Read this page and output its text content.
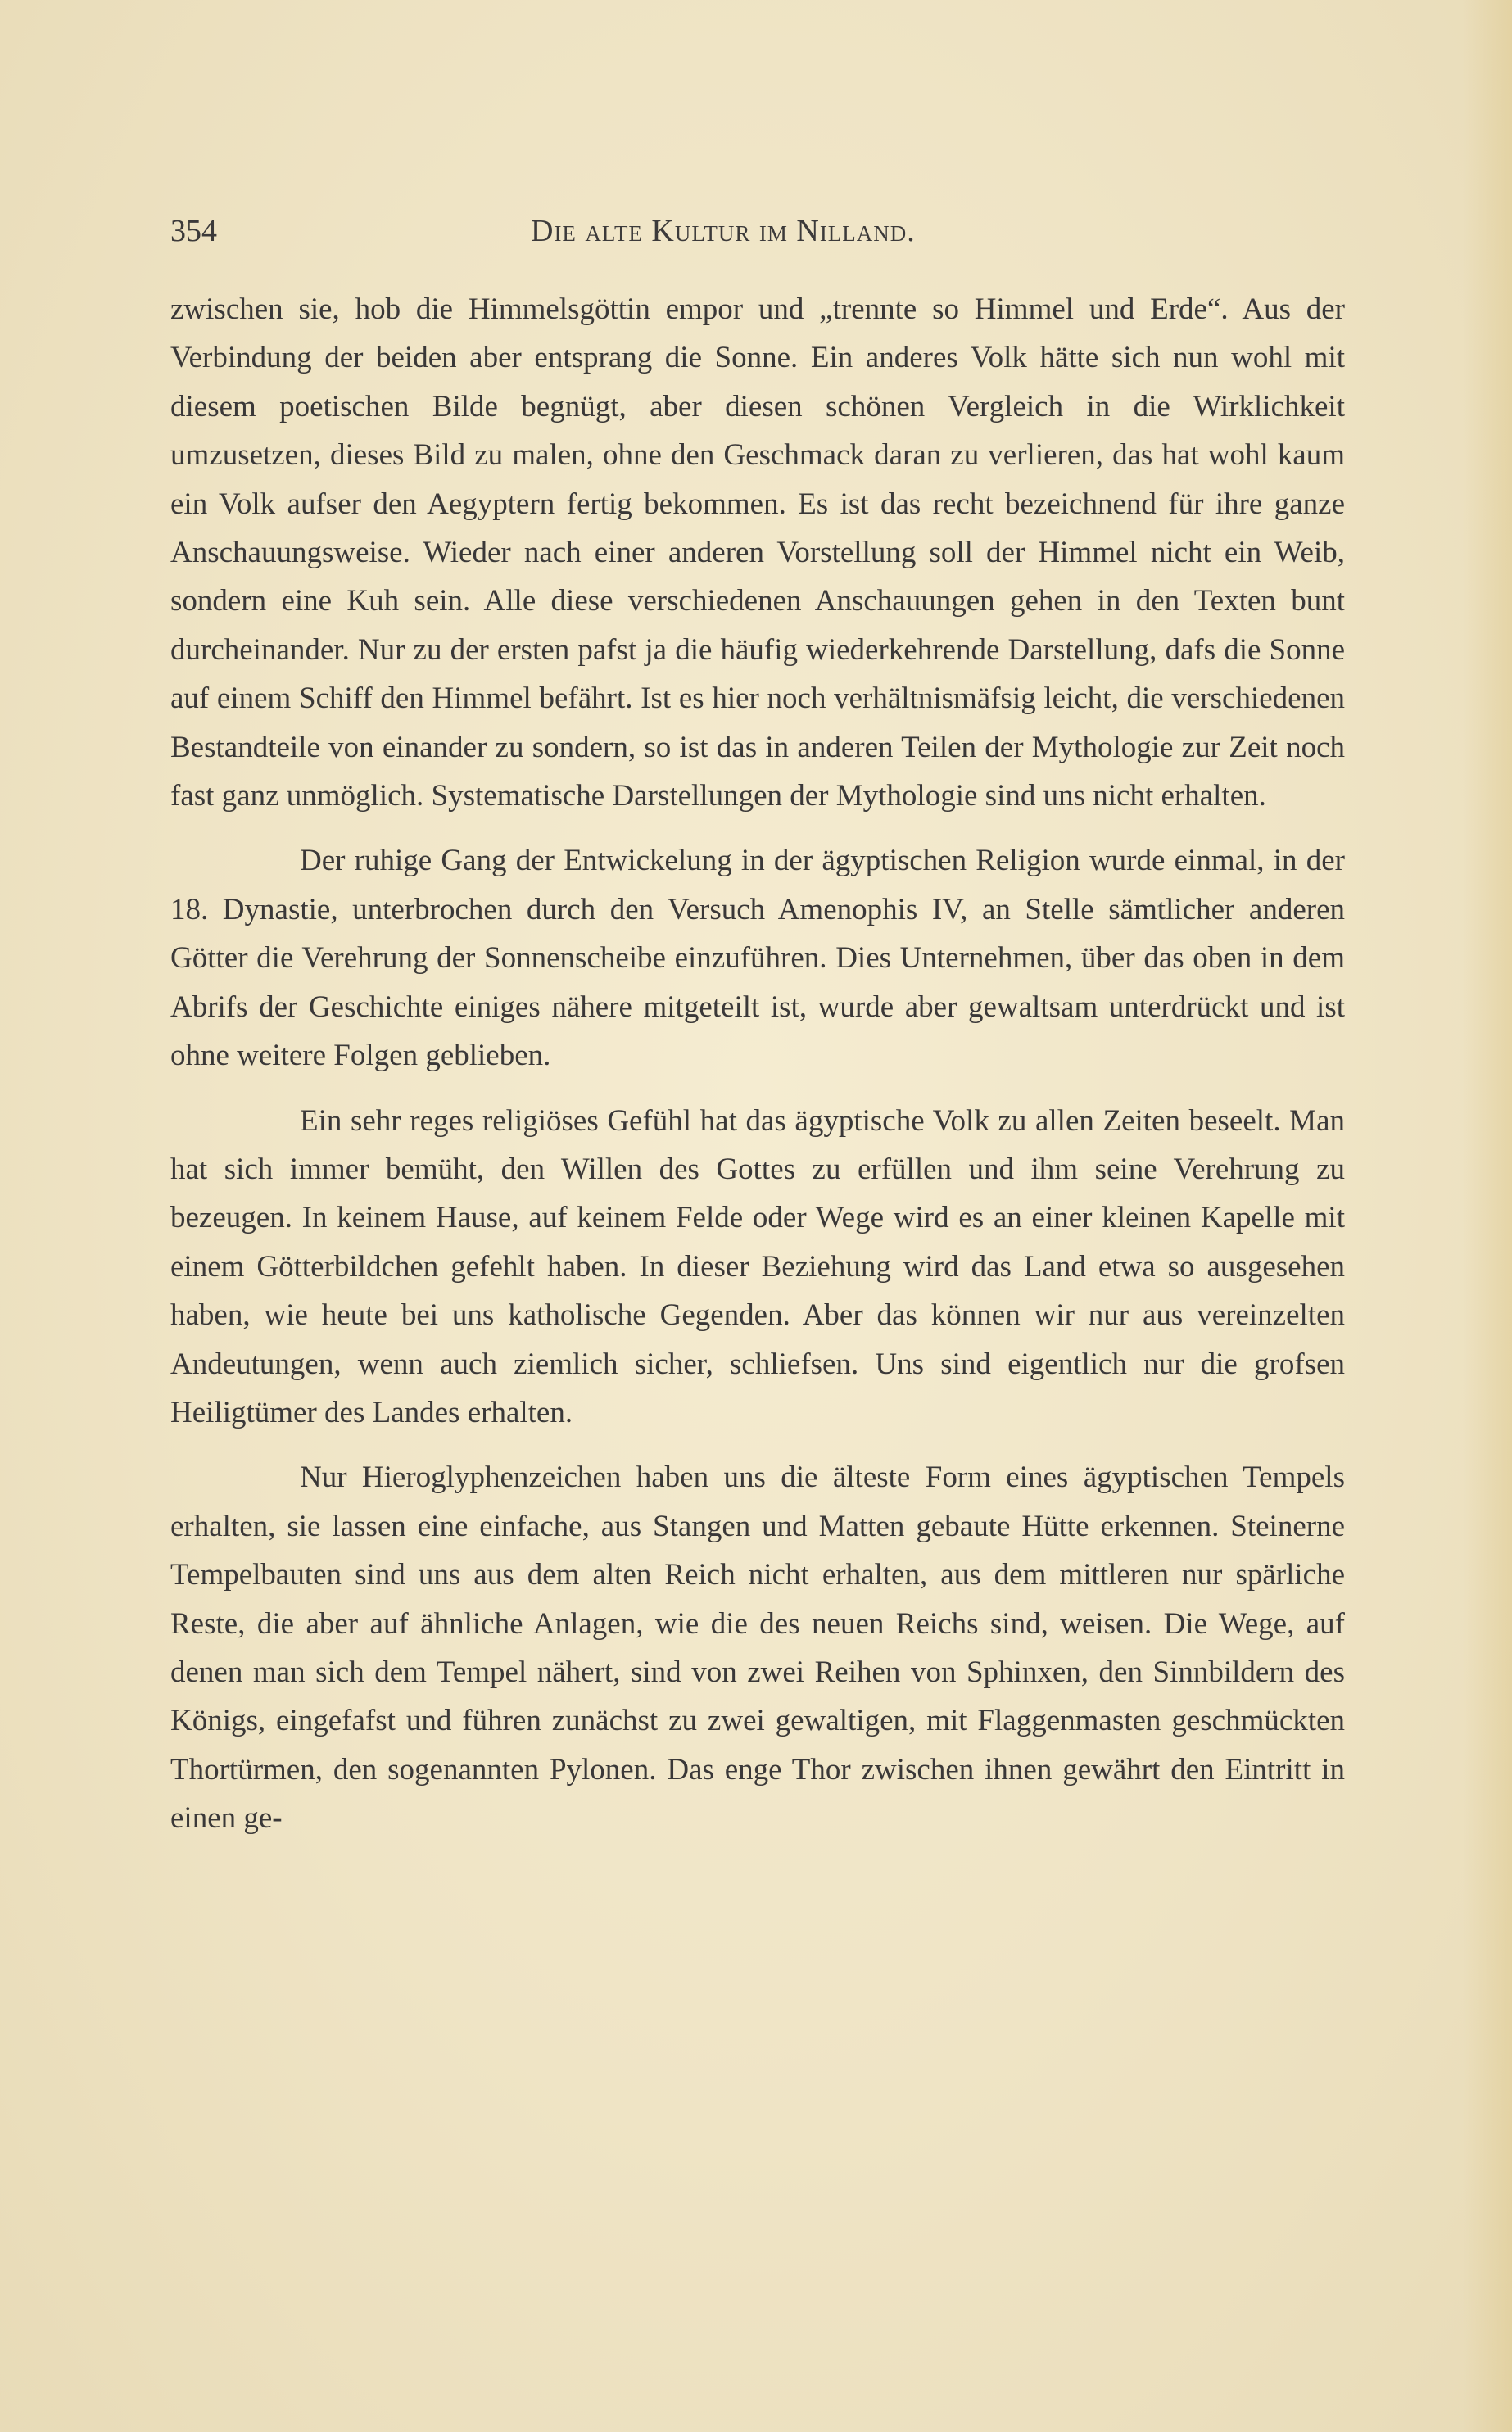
354	Die alte Kultur im Nilland.

zwischen sie, hob die Himmelsgöttin empor und „trennte so Himmel und Erde“. Aus der Verbindung der beiden aber entsprang die Sonne. Ein anderes Volk hätte sich nun wohl mit diesem poetischen Bilde begnügt, aber diesen schönen Vergleich in die Wirklichkeit umzusetzen, dieses Bild zu malen, ohne den Geschmack daran zu verlieren, das hat wohl kaum ein Volk aufser den Aegyptern fertig bekommen. Es ist das recht bezeichnend für ihre ganze Anschauungsweise. Wieder nach einer anderen Vorstellung soll der Himmel nicht ein Weib, sondern eine Kuh sein. Alle diese verschiedenen Anschauungen gehen in den Texten bunt durcheinander. Nur zu der ersten pafst ja die häufig wiederkehrende Darstellung, dafs die Sonne auf einem Schiff den Himmel befährt. Ist es hier noch verhältnismäfsig leicht, die verschiedenen Bestandteile von einander zu sondern, so ist das in anderen Teilen der Mythologie zur Zeit noch fast ganz unmöglich. Systematische Darstellungen der Mythologie sind uns nicht erhalten.

Der ruhige Gang der Entwickelung in der ägyptischen Religion wurde einmal, in der 18. Dynastie, unterbrochen durch den Versuch Amenophis IV, an Stelle sämtlicher anderen Götter die Verehrung der Sonnenscheibe einzuführen. Dies Unternehmen, über das oben in dem Abrifs der Geschichte einiges nähere mitgeteilt ist, wurde aber gewaltsam unterdrückt und ist ohne weitere Folgen geblieben.

Ein sehr reges religiöses Gefühl hat das ägyptische Volk zu allen Zeiten beseelt. Man hat sich immer bemüht, den Willen des Gottes zu erfüllen und ihm seine Verehrung zu bezeugen. In keinem Hause, auf keinem Felde oder Wege wird es an einer kleinen Kapelle mit einem Götterbildchen gefehlt haben. In dieser Beziehung wird das Land etwa so ausgesehen haben, wie heute bei uns katholische Gegenden. Aber das können wir nur aus vereinzelten Andeutungen, wenn auch ziemlich sicher, schliefsen. Uns sind eigentlich nur die grofsen Heiligtümer des Landes erhalten.

Nur Hieroglyphenzeichen haben uns die älteste Form eines ägyptischen Tempels erhalten, sie lassen eine einfache, aus Stangen und Matten gebaute Hütte erkennen. Steinerne Tempelbauten sind uns aus dem alten Reich nicht erhalten, aus dem mittleren nur spärliche Reste, die aber auf ähnliche Anlagen, wie die des neuen Reichs sind, weisen. Die Wege, auf denen man sich dem Tempel nähert, sind von zwei Reihen von Sphinxen, den Sinnbildern des Königs, eingefafst und führen zunächst zu zwei gewaltigen, mit Flaggenmasten geschmückten Thortürmen, den sogenannten Pylonen. Das enge Thor zwischen ihnen gewährt den Eintritt in einen ge-
